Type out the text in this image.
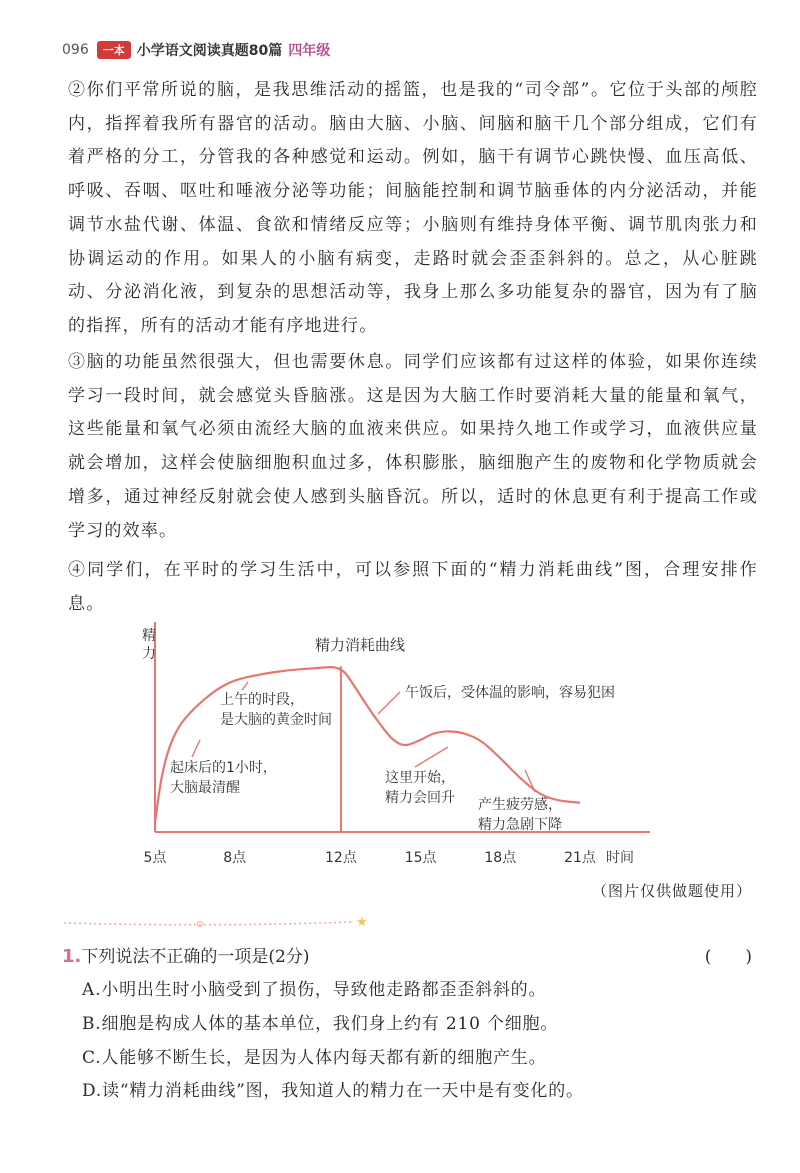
096	一本 小学语文阅读真题80篇 四年级

②你们平常所说的脑，是我思维活动的摇篮，也是我的“司令部”。它位于头部的颅腔内，指挥着我所有器官的活动。脑由大脑、小脑、间脑和脑干几个部分组成，它们有着严格的分工，分管我的各种感觉和运动。例如，脑干有调节心跳快慢、血压高低、呼吸、吞咽、呕吐和唾液分泌等功能；间脑能控制和调节脑垂体的内分泌活动，并能调节水盐代谢、体温、食欲和情绪反应等；小脑则有维持身体平衡、调节肌肉张力和协调运动的作用。如果人的小脑有病变，走路时就会歪歪斜斜的。总之，从心脏跳动、分泌消化液，到复杂的思想活动等，我身上那么多功能复杂的器官，因为有了脑的指挥，所有的活动才能有序地进行。

③脑的功能虽然很强大，但也需要休息。同学们应该都有过这样的体验，如果你连续学习一段时间，就会感觉头昏脑涨。这是因为大脑工作时要消耗大量的能量和氧气，这些能量和氧气必须由流经大脑的血液来供应。如果持久地工作或学习，血液供应量就会增加，这样会使脑细胞积血过多，体积膨胀，脑细胞产生的废物和化学物质就会增多，通过神经反射就会使人感到头脑昏沉。所以，适时的休息更有利于提高工作或学习的效率。

④同学们，在平时的学习生活中，可以参照下面的“精力消耗曲线”图，合理安排作息。

精
力	精力消耗曲线
5点	8点	12点	15点	18点	21点 时间
起床后的1小时，
大脑最清醒
上午的时段，
是大脑的黄金时间
午饭后，受体温的影响，容易犯困
这里开始，
精力会回升 产生疲劳感，
精力急剧下降
（图片仅供做题使用）
★
1.下列说法不正确的一项是(2分)	(　　)
A.小明出生时小脑受到了损伤，导致他走路都歪歪斜斜的。
B.细胞是构成人体的基本单位，我们身上约有 210 个细胞。
C.人能够不断生长，是因为人体内每天都有新的细胞产生。
D.读“精力消耗曲线”图，我知道人的精力在一天中是有变化的。
